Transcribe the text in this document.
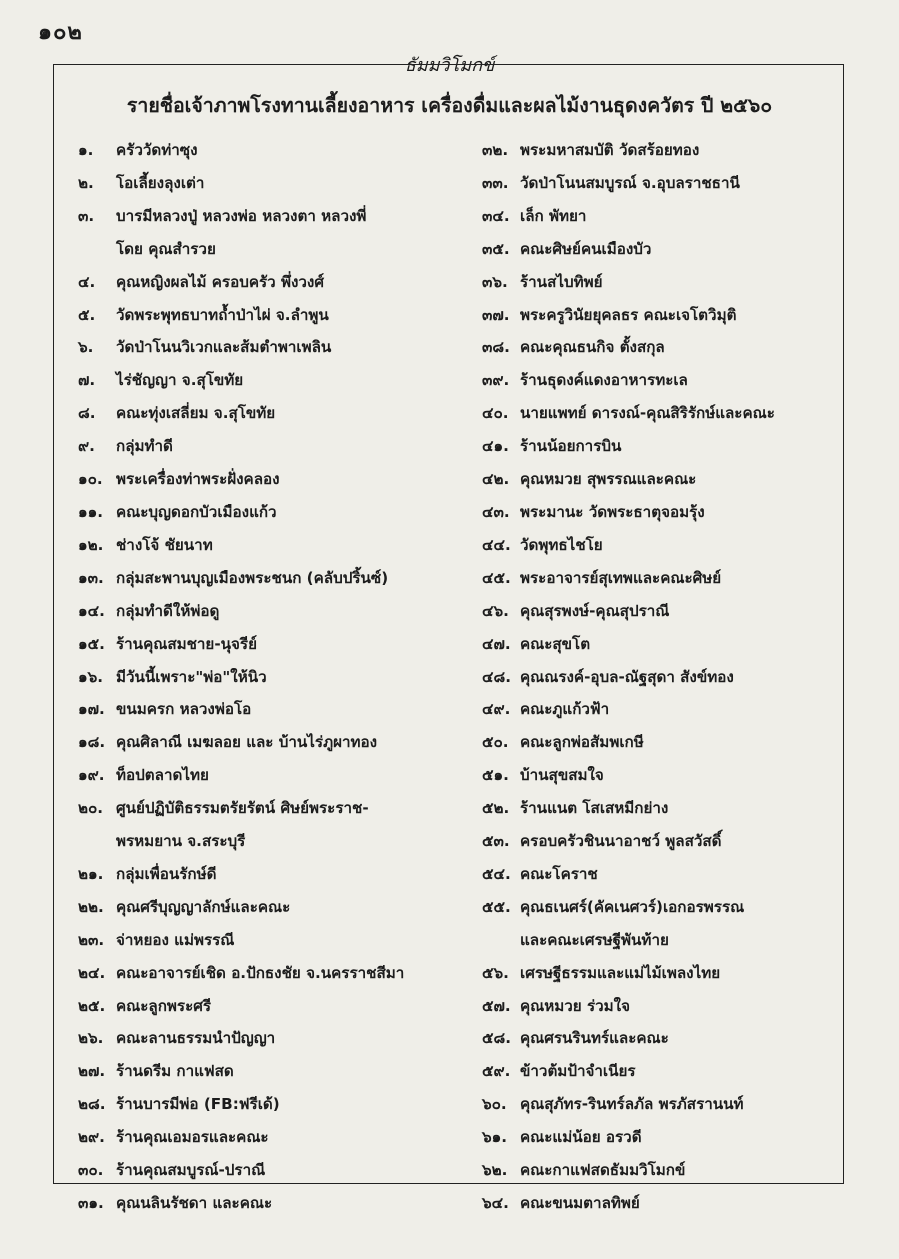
๑๐๒
ธัมมวิโมกข์
รายชื่อเจ้าภาพโรงทานเลี้ยงอาหาร เครื่องดื่มและผลไม้งานธุดงควัตร ปี ๒๕๖๐
๑. ครัววัดท่าซุง
๒. โอเลี้ยงลุงเต่า
๓. บารมีหลวงปู่ หลวงพ่อ หลวงตา หลวงพี่
โดย คุณสำรวย
๔. คุณหญิงผลไม้ ครอบครัว พึ่งวงศ์
๕. วัดพระพุทธบาทถ้ำป่าไผ่ จ.ลำพูน
๖. วัดป่าโนนวิเวกและส้มตำพาเพลิน
๗. ไร่ชัญญา จ.สุโขทัย
๘. คณะทุ่งเสลี่ยม จ.สุโขทัย
๙. กลุ่มทำดี
๑๐. พระเครื่องท่าพระฝั่งคลอง
๑๑. คณะบุญดอกบัวเมืองแก้ว
๑๒. ช่างโจ้ ชัยนาท
๑๓. กลุ่มสะพานบุญเมืองพระชนก (คลับปริ้นซ์)
๑๔. กลุ่มทำดีให้พ่อดู
๑๕. ร้านคุณสมชาย-นุจรีย์
๑๖. มีวันนี้เพราะ"พ่อ"ให้นิว
๑๗. ขนมครก หลวงพ่อโอ
๑๘. คุณศิลาณี เมฆลอย และ บ้านไร่ภูผาทอง
๑๙. ท็อปตลาดไทย
๒๐. ศูนย์ปฏิบัติธรรมตรัยรัตน์ ศิษย์พระราช-
พรหมยาน จ.สระบุรี
๒๑. กลุ่มเพื่อนรักษ์ดี
๒๒. คุณศรีบุญญาลักษ์และคณะ
๒๓. จ่าหยอง แม่พรรณี
๒๔. คณะอาจารย์เชิด อ.ปักธงชัย จ.นครราชสีมา
๒๕. คณะลูกพระศรี
๒๖. คณะลานธรรมนำปัญญา
๒๗. ร้านดรีม กาแฟสด
๒๘. ร้านบารมีพ่อ (FB:ฟรีเด้)
๒๙. ร้านคุณเอมอรและคณะ
๓๐. ร้านคุณสมบูรณ์-ปราณี
๓๑. คุณนลินรัชดา และคณะ
๓๒. พระมหาสมบัติ วัดสร้อยทอง
๓๓. วัดป่าโนนสมบูรณ์ จ.อุบลราชธานี
๓๔. เล็ก พัทยา
๓๕. คณะศิษย์คนเมืองบัว
๓๖. ร้านสไบทิพย์
๓๗. พระครูวินัยยุคลธร คณะเจโตวิมุติ
๓๘. คณะคุณธนกิจ ตั้งสกุล
๓๙. ร้านธุดงค์แดงอาหารทะเล
๔๐. นายแพทย์ ดารงณ์-คุณสิริรักษ์และคณะ
๔๑. ร้านน้อยการบิน
๔๒. คุณหมวย สุพรรณและคณะ
๔๓. พระมานะ วัดพระธาตุจอมรุ้ง
๔๔. วัดพุทธไชโย
๔๕. พระอาจารย์สุเทพและคณะศิษย์
๔๖. คุณสุรพงษ์-คุณสุปราณี
๔๗. คณะสุขโต
๔๘. คุณณรงค์-อุบล-ณัฐสุดา สังข์ทอง
๔๙. คณะภูแก้วฟ้า
๕๐. คณะลูกพ่อสัมพเกษี
๕๑. บ้านสุขสมใจ
๕๒. ร้านแนต โสเสหมีกย่าง
๕๓. ครอบครัวชินนาอาชว์ พูลสวัสดิ์
๕๔. คณะโคราช
๕๕. คุณธเนศร์(คัคเนศวร์)เอกอรพรรณ
และคณะเศรษฐีพันท้าย
๕๖. เศรษฐีธรรมและแม่ไม้เพลงไทย
๕๗. คุณหมวย ร่วมใจ
๕๘. คุณศรนรินทร์และคณะ
๕๙. ข้าวต้มป้าจำเนียร
๖๐. คุณสุภัทร-รินทร์ลภัล พรภัสรานนท์
๖๑. คณะแม่น้อย อรวดี
๖๒. คณะกาแฟสดธัมมวิโมกข์
๖๔. คณะขนมตาลทิพย์
